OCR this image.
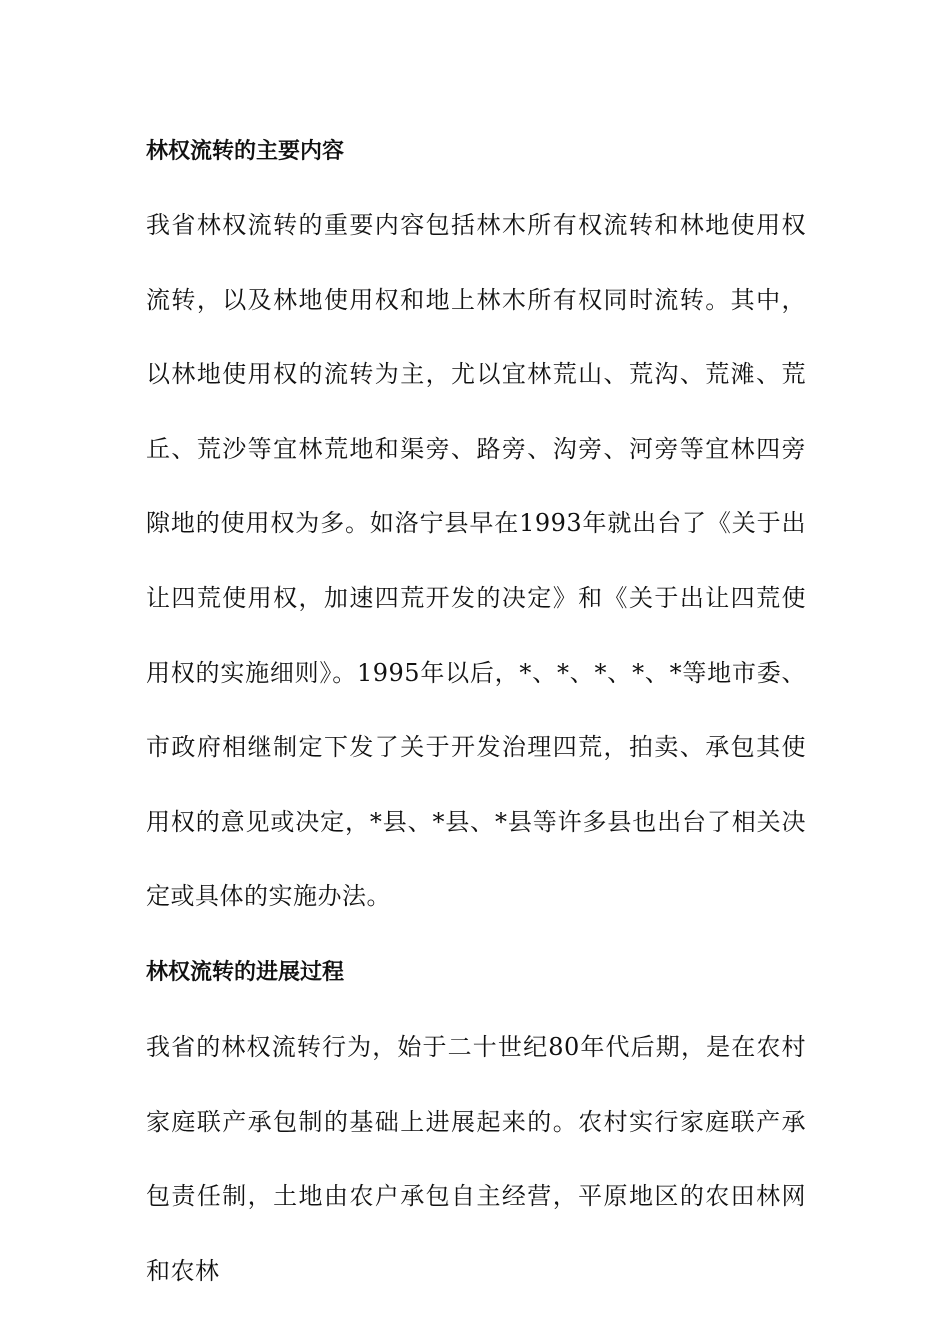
林权流转的主要内容

我省林权流转的重要内容包括林木所有权流转和林地使用权流转，以及林地使用权和地上林木所有权同时流转。其中，以林地使用权的流转为主，尤以宜林荒山、荒沟、荒滩、荒丘、荒沙等宜林荒地和渠旁、路旁、沟旁、河旁等宜林四旁隙地的使用权为多。如洛宁县早在1993年就出台了《关于出让四荒使用权，加速四荒开发的决定》和《关于出让四荒使用权的实施细则》。1995年以后，*、*、*、*、*等地市委、市政府相继制定下发了关于开发治理四荒，拍卖、承包其使用权的意见或决定，*县、*县、*县等许多县也出台了相关决定或具体的实施办法。

林权流转的进展过程

我省的林权流转行为，始于二十世纪80年代后期，是在农村家庭联产承包制的基础上进展起来的。农村实行家庭联产承包责任制，土地由农户承包自主经营，平原地区的农田林网和农林
